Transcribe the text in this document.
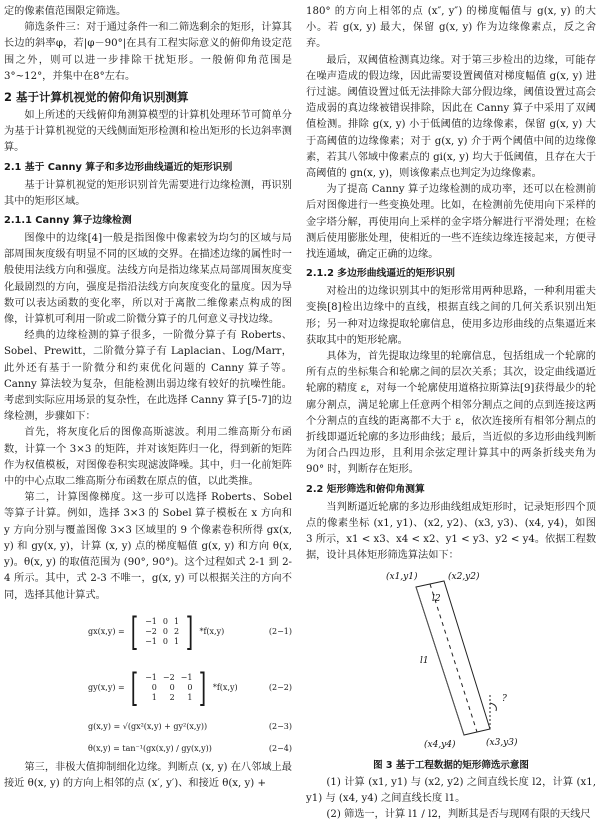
定的像素值范围限定筛选。

筛选条件三：对于通过条件一和二筛选剩余的矩形，计算其长边的斜率φ，若|φ－90°|在具有工程实际意义的俯仰角设定范围之外，则可以进一步排除干扰矩形。一般俯仰角范围是3°~12°，并集中在8°左右。

2 基于计算机视觉的俯仰角识别测算

如上所述的天线俯仰角测算模型的计算机处理环节可简单分为基于计算机视觉的天线侧面矩形检测和检出矩形的长边斜率测算。

2.1 基于 Canny 算子和多边形曲线逼近的矩形识别

基于计算机视觉的矩形识别首先需要进行边缘检测，再识别其中的矩形区域。

2.1.1 Canny 算子边缘检测

图像中的边缘[4]一般是指图像中像素较为均匀的区域与局部周围灰度级有明显不同的区域的交界。在描述边缘的属性时一般使用法线方向和强度。法线方向是指边缘某点局部周围灰度变化最剧烈的方向，强度是指沿法线方向灰度变化的量度。因为导数可以表达函数的变化率，所以对于离散二维像素点构成的图像，计算机可利用一阶或二阶微分算子的几何意义寻找边缘。

经典的边缘检测的算子很多，一阶微分算子有 Roberts、Sobel、Prewitt，二阶微分算子有 Laplacian、Log/Marr，此外还有基于一阶微分和约束优化问题的 Canny 算子等。Canny 算法较为复杂，但能检测出弱边缘有较好的抗噪性能。考虑到实际应用场景的复杂性，在此选择 Canny 算子[5-7]的边缘检测，步骤如下：

首先，将灰度化后的图像高斯滤波。利用二维高斯分布函数，计算一个 3×3 的矩阵，并对该矩阵归一化，得到新的矩阵作为权值模板，对图像卷积实现滤波降噪。其中，归一化前矩阵中的中心点取二维高斯分布函数在原点的值，以此类推。

第二，计算图像梯度。这一步可以选择 Roberts、Sobel 等算子计算。例如，选择 3×3 的 Sobel 算子模板在 x 方向和 y 方向分别与覆盖图像 3×3 区域里的 9 个像素卷积所得 gx(x, y) 和 gy(x, y)，计算 (x, y) 点的梯度幅值 g(x, y) 和方向 θ(x, y)。θ(x, y) 的取值范围为 (90°, 90°)。这个过程如式 2-1 到 2-4 所示。其中，式 2-3 不唯一，g(x, y) 可以根据关注的方向不同，选择其他计算式。

gx(x,y) = [ −1	0	1
−2	0	2
−1	0	1 ] *f(x,y)	(2−1)
gy(x,y) = [ −1	−2	−1
0	0	0
1	2	1 ] *f(x,y)	(2−2)
g(x,y) = √(gx²(x,y) + gy²(x,y))	(2−3)
θ(x,y) = tan⁻¹(gx(x,y) / gy(x,y))	(2−4)

第三，非极大值抑制细化边缘。判断点 (x, y) 在八邻域上最接近 θ(x, y) 的方向上相邻的点 (x′, y′)、和接近 θ(x, y) +

180° 的方向上相邻的点 (x″, y″) 的梯度幅值与 g(x, y) 的大小。若 g(x, y) 最大，保留 g(x, y) 作为边缘像素点，反之舍弃。

最后，双阈值检测真边缘。对于第三步检出的边缘，可能存在噪声造成的假边缘，因此需要设置阈值对梯度幅值 g(x, y) 进行过滤。阈值设置过低无法排除大部分假边缘，阈值设置过高会造成弱的真边缘被错误排除，因此在 Canny 算子中采用了双阈值检测。排除 g(x, y) 小于低阈值的边缘像素，保留 g(x, y) 大于高阈值的边缘像素；对于 g(x, y) 介于两个阈值中间的边缘像素，若其八邻域中像素点的 gi(x, y) 均大于低阈值，且存在大于高阈值的 gn(x, y)，则该像素点也判定为边缘像素。

为了提高 Canny 算子边缘检测的成功率，还可以在检测前后对图像进行一些变换处理。比如，在检测前先使用向下采样的金字塔分解，再使用向上采样的金字塔分解进行平滑处理；在检测后使用膨胀处理，使相近的一些不连续边缘连接起来，方便寻找连通域，确定正确的边缘。

2.1.2 多边形曲线逼近的矩形识别

对检出的边缘识别其中的矩形常用两种思路，一种利用霍夫变换[8]检出边缘中的直线，根据直线之间的几何关系识别出矩形；另一种对边缘提取轮廓信息，使用多边形曲线的点集逼近来获取其中的矩形轮廓。

具体为，首先提取边缘里的轮廓信息，包括组成一个轮廓的所有点的坐标集合和轮廓之间的层次关系；其次，设定曲线逼近轮廓的精度 ε，对每一个轮廓使用道格拉斯算法[9]获得最少的轮廓分割点，满足轮廓上任意两个相邻分割点之间的点到连接这两个分割点的直线的距离都不大于 ε，依次连接所有相邻分割点的折线即逼近轮廓的多边形曲线；最后，当近似的多边形曲线判断为闭合凸四边形，且利用余弦定理计算其中的两条折线夹角为 90° 时，判断存在矩形。

2.2 矩形筛选和俯仰角测算

当判断逼近轮廓的多边形曲线组成矩形时，记录矩形四个顶点的像素坐标 (x1, y1)、(x2, y2)、(x3, y3)、(x4, y4)，如图 3 所示，x1 < x3、x4 < x2、y1 < y3、y2 < y4。依据工程数据，设计具体矩形筛选算法如下：

(x1,y1)	(x2,y2)
(x3,y3)
(x4,y4)
l2
l1
?
图 3 基于工程数据的矩形筛选示意图

(1) 计算 (x1, y1) 与 (x2, y2) 之间直线长度 l2，计算 (x1, y1) 与 (x4, y4) 之间直线长度 l1。

(2) 筛选一，计算 l1 / l2，判断其是否与现网有限的天线尺
